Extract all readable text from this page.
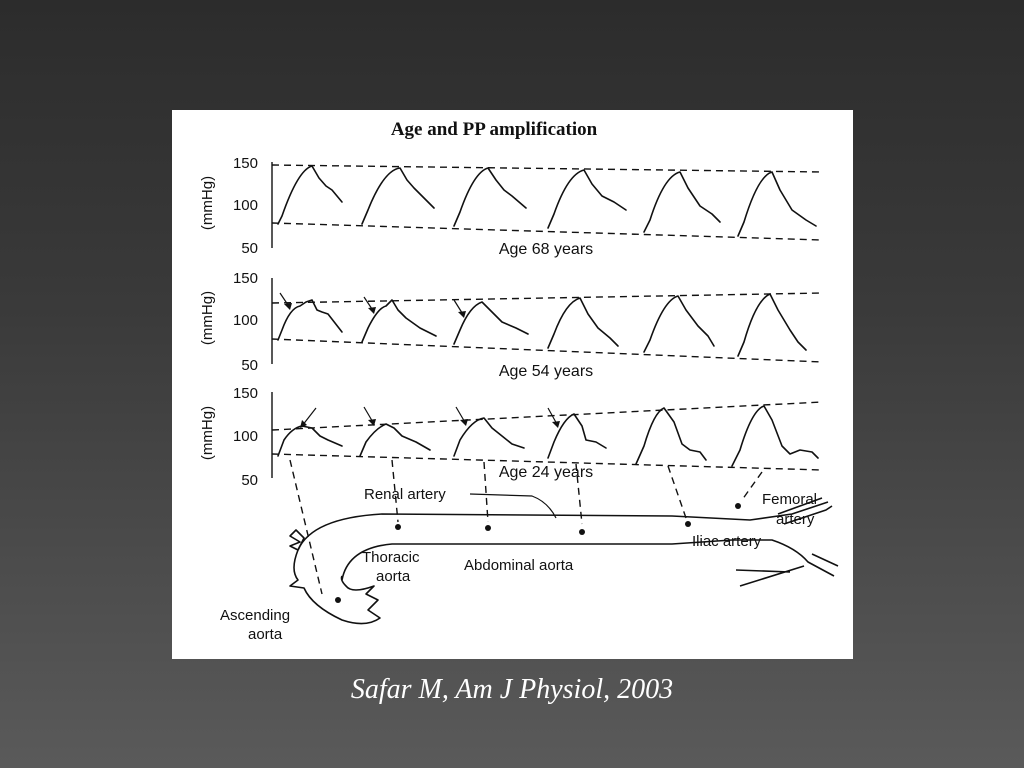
Age and PP amplification
(mmHg)
150
100
50	Age 68 years
(mmHg)
150
100
50	Age 54 years
(mmHg)
150
100
50	Age 24 years
Renal artery	Femoral
artery
Iliac artery
Thoracic
aorta
Abdominal aorta
Ascending
aorta
Safar M, Am J Physiol, 2003
